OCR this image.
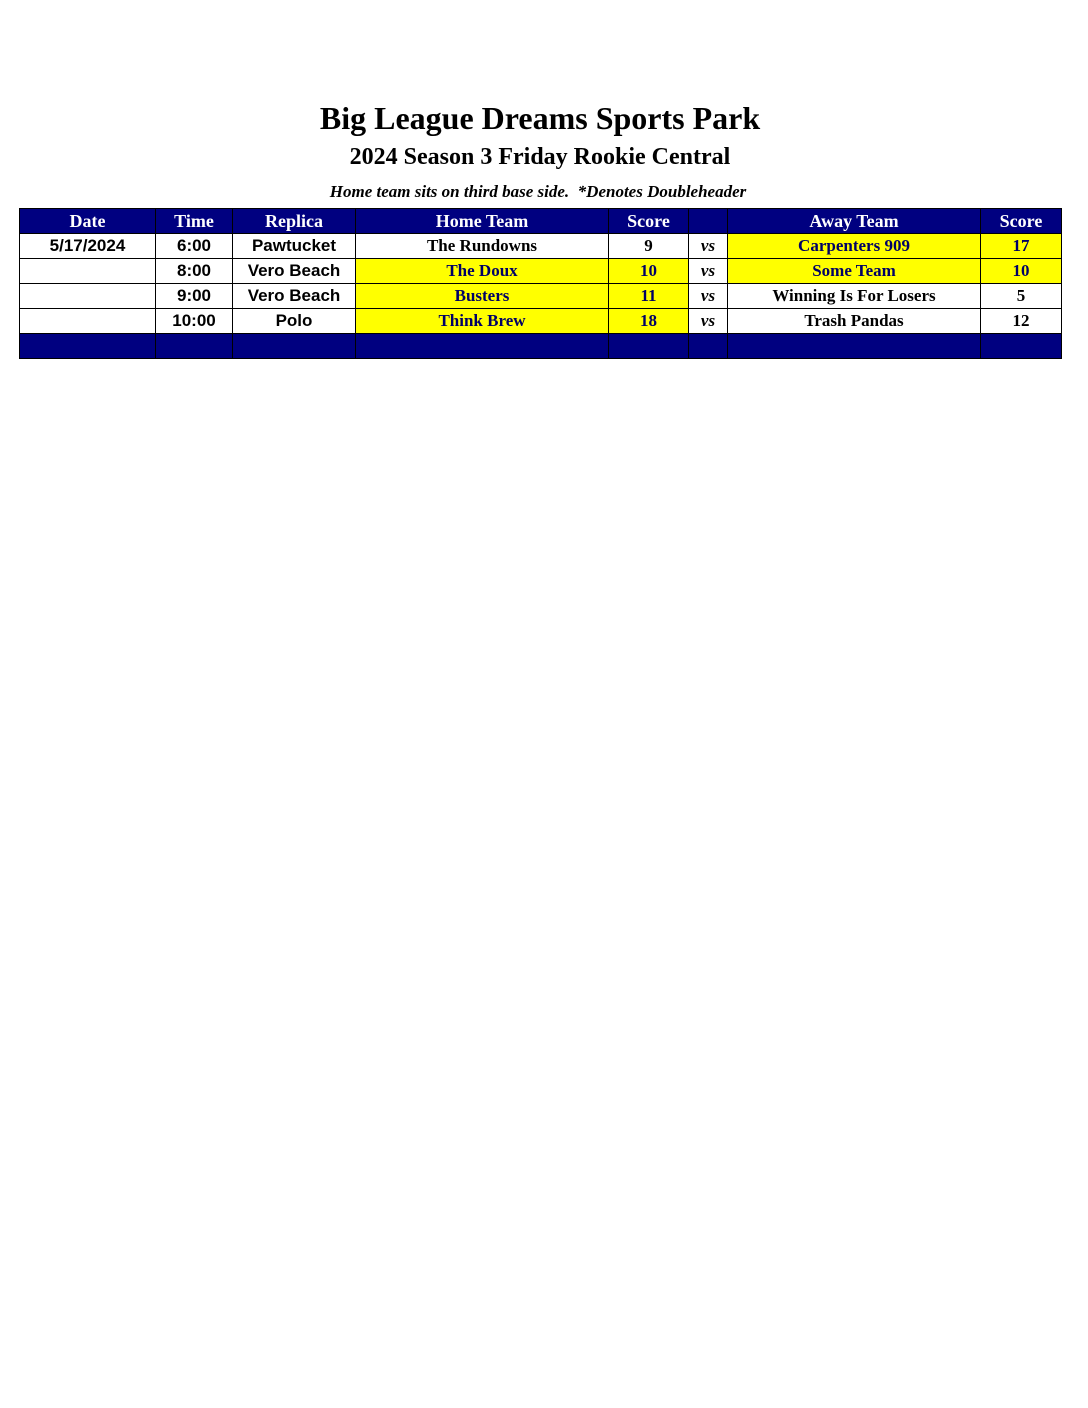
Big League Dreams Sports Park
2024 Season 3 Friday Rookie Central
Home team sits on third base side.  *Denotes Doubleheader
Date	Time	Replica	Home Team	Score		Away Team	Score
5/17/2024	6:00	Pawtucket	The Rundowns	9	vs	Carpenters 909	17
	8:00	Vero Beach	The Doux	10	vs	Some Team	10
	9:00	Vero Beach	Busters	11	vs	Winning Is For Losers	5
	10:00	Polo	Think Brew	18	vs	Trash Pandas	12
